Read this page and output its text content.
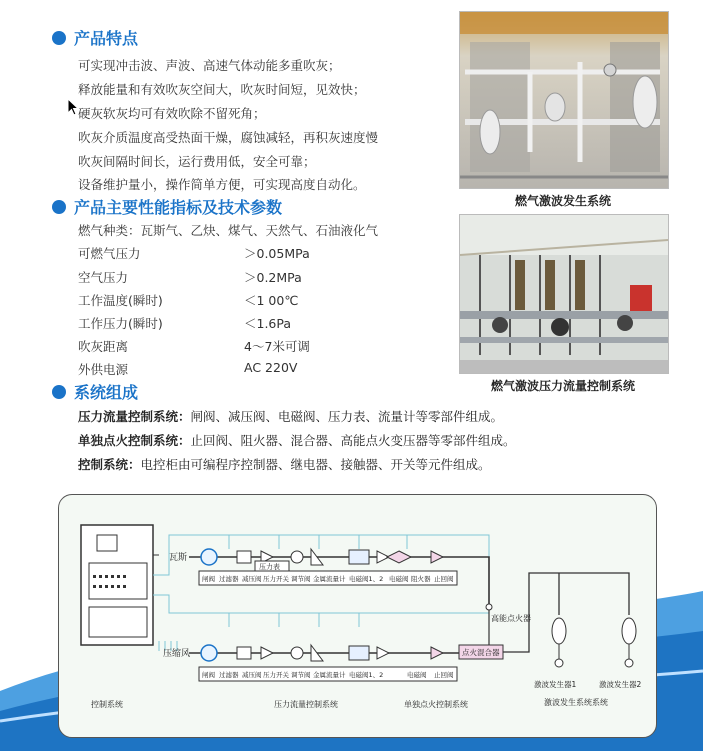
产品特点
可实现冲击波、声波、高速气体动能多重吹灰；
释放能量和有效吹灰空间大，吹灰时间短，见效快；
硬灰软灰均可有效吹除不留死角；
吹灰介质温度高受热面干燥，腐蚀减轻，再积灰速度慢
吹灰间隔时间长，运行费用低，安全可靠；
设备维护量小，操作简单方便，可实现高度自动化。
产品主要性能指标及技术参数
燃气种类：瓦斯气、乙炔、煤气、天然气、石油液化气
可燃气压力	＞0.05MPa
空气压力	＞0.2MPa
工作温度(瞬时)	＜1 00℃
工作压力(瞬时)	＜1.6Pa
吹灰距离	4～7米可调
外供电源	AC 220V
系统组成
压力流量控制系统：闸阀、减压阀、电磁阀、压力表、流量计等零部件组成。
单独点火控制系统：止回阀、阻火器、混合器、高能点火变压器等零部件组成。
控制系统：电控柜由可编程序控制器、继电器、接触器、开关等元件组成。
燃气激波发生系统
燃气激波压力流量控制系统
瓦斯
压力表
闸阀 过滤器 减压阀 压力开关 调节阀 金属流量计 电磁阀1、2 电磁阀 阻火器 止回阀
压缩风
闸阀 过滤器 减压阀 压力开关 调节阀 金属流量计 电磁阀1、2	电磁阀 止回阀
高能点火器
点火混合器
激波发生器1	激波发生器2
控制系统	压力流量控制系统	单独点火控制系统	激波发生系统系统
